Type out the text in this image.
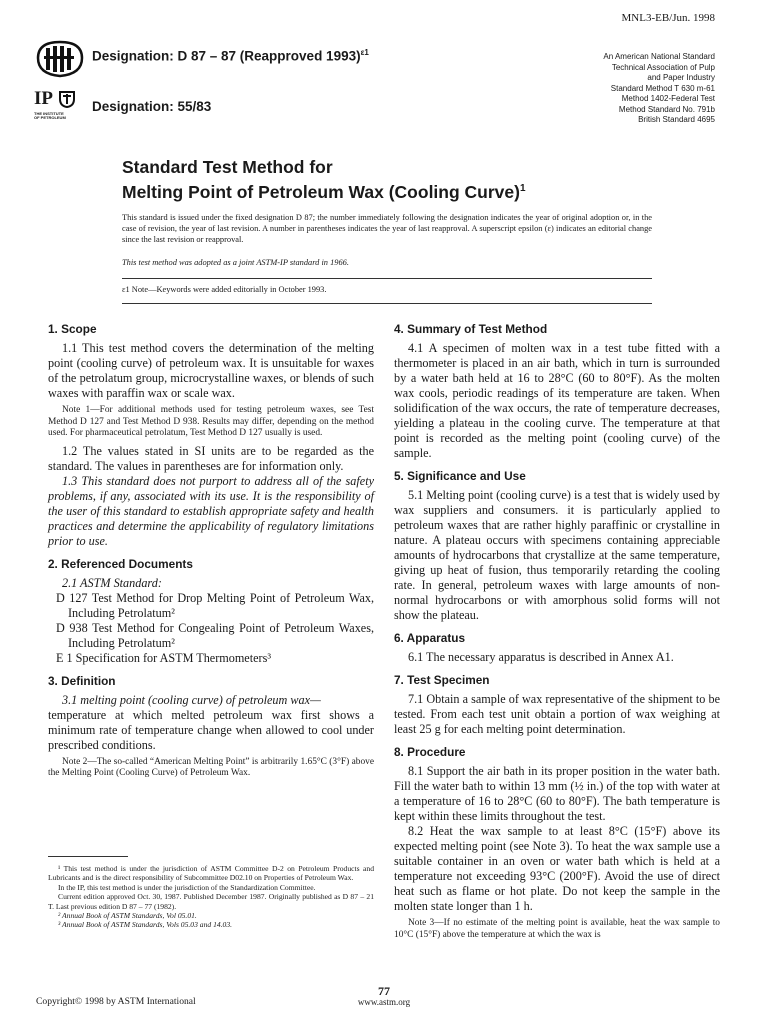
MNL3-EB/Jun. 1998
IP
THE INSTITUTE OF PETROLEUM
Designation: D 87 – 87 (Reapproved 1993)$^{\varepsilon 1}$
Designation: 55/83
An American National Standard
Technical Association of Pulp
and Paper Industry
Standard Method T 630 m-61
Method 1402-Federal Test
Method Standard No. 791b
British Standard 4695
Standard Test Method for
Melting Point of Petroleum Wax (Cooling Curve)$^1$
This standard is issued under the fixed designation D 87; the number immediately following the designation indicates the year of original adoption or, in the case of revision, the year of last revision. A number in parentheses indicates the year of last reapproval. A superscript epsilon (ε) indicates an editorial change since the last revision or reapproval.
This test method was adopted as a joint ASTM-IP standard in 1966.
ε1 Note—Keywords were added editorially in October 1993.
1. Scope

1.1 This test method covers the determination of the melting point (cooling curve) of petroleum wax. It is unsuitable for waxes of the petrolatum group, microcrystalline waxes, or blends of such waxes with paraffin wax or scale wax.

Note 1—For additional methods used for testing petroleum waxes, see Test Method D 127 and Test Method D 938. Results may differ, depending on the method used. For pharmaceutical petrolatum, Test Method D 127 usually is used.

1.2 The values stated in SI units are to be regarded as the standard. The values in parentheses are for information only.

1.3 This standard does not purport to address all of the safety problems, if any, associated with its use. It is the responsibility of the user of this standard to establish appropriate safety and health practices and determine the applicability of regulatory limitations prior to use.

2. Referenced Documents

2.1 ASTM Standard:

D 127 Test Method for Drop Melting Point of Petroleum Wax, Including Petrolatum²

D 938 Test Method for Congealing Point of Petroleum Waxes, Including Petrolatum²

E 1 Specification for ASTM Thermometers³

3. Definition

3.1 melting point (cooling curve) of petroleum wax—

temperature at which melted petroleum wax first shows a minimum rate of temperature change when allowed to cool under prescribed conditions.

Note 2—The so-called “American Melting Point” is arbitrarily 1.65°C (3°F) above the Melting Point (Cooling Curve) of Petroleum Wax.

¹ This test method is under the jurisdiction of ASTM Committee D-2 on Petroleum Products and Lubricants and is the direct responsibility of Subcommittee D02.10 on Properties of Petroleum Wax.
In the IP, this test method is under the jurisdiction of the Standardization Committee.
Current edition approved Oct. 30, 1987. Published December 1987. Originally published as D 87 – 21 T. Last previous edition D 87 – 77 (1982).
² Annual Book of ASTM Standards, Vol 05.01.
³ Annual Book of ASTM Standards, Vols 05.03 and 14.03.
4. Summary of Test Method

4.1 A specimen of molten wax in a test tube fitted with a thermometer is placed in an air bath, which in turn is surrounded by a water bath held at 16 to 28°C (60 to 80°F). As the molten wax cools, periodic readings of its temperature are taken. When solidification of the wax occurs, the rate of temperature decreases, yielding a plateau in the cooling curve. The temperature at that point is recorded as the melting point (cooling curve) of the sample.

5. Significance and Use

5.1 Melting point (cooling curve) is a test that is widely used by wax suppliers and consumers. it is particularly applied to petroleum waxes that are rather highly paraffinic or crystalline in nature. A plateau occurs with specimens containing appreciable amounts of hydrocarbons that crystallize at the same temperature, giving up heat of fusion, thus temporarily retarding the cooling rate. In general, petroleum waxes with large amounts of non-normal hydrocarbons or with amorphous solid forms will not show the plateau.

6. Apparatus

6.1 The necessary apparatus is described in Annex A1.

7. Test Specimen

7.1 Obtain a sample of wax representative of the shipment to be tested. From each test unit obtain a portion of wax weighing at least 25 g for each melting point determination.

8. Procedure

8.1 Support the air bath in its proper position in the water bath. Fill the water bath to within 13 mm (½ in.) of the top with water at a temperature of 16 to 28°C (60 to 80°F). The bath temperature is kept within these limits throughout the test.

8.2 Heat the wax sample to at least 8°C (15°F) above its expected melting point (see Note 3). To heat the wax sample use a suitable container in an oven or water bath which is held at a temperature not exceeding 93°C (200°F). Avoid the use of direct heat such as flame or hot plate. Do not keep the sample in the molten state longer than 1 h.

Note 3—If no estimate of the melting point is available, heat the wax sample to 10°C (15°F) above the temperature at which the wax is

77
www.astm.org
Copyright© 1998 by ASTM International
